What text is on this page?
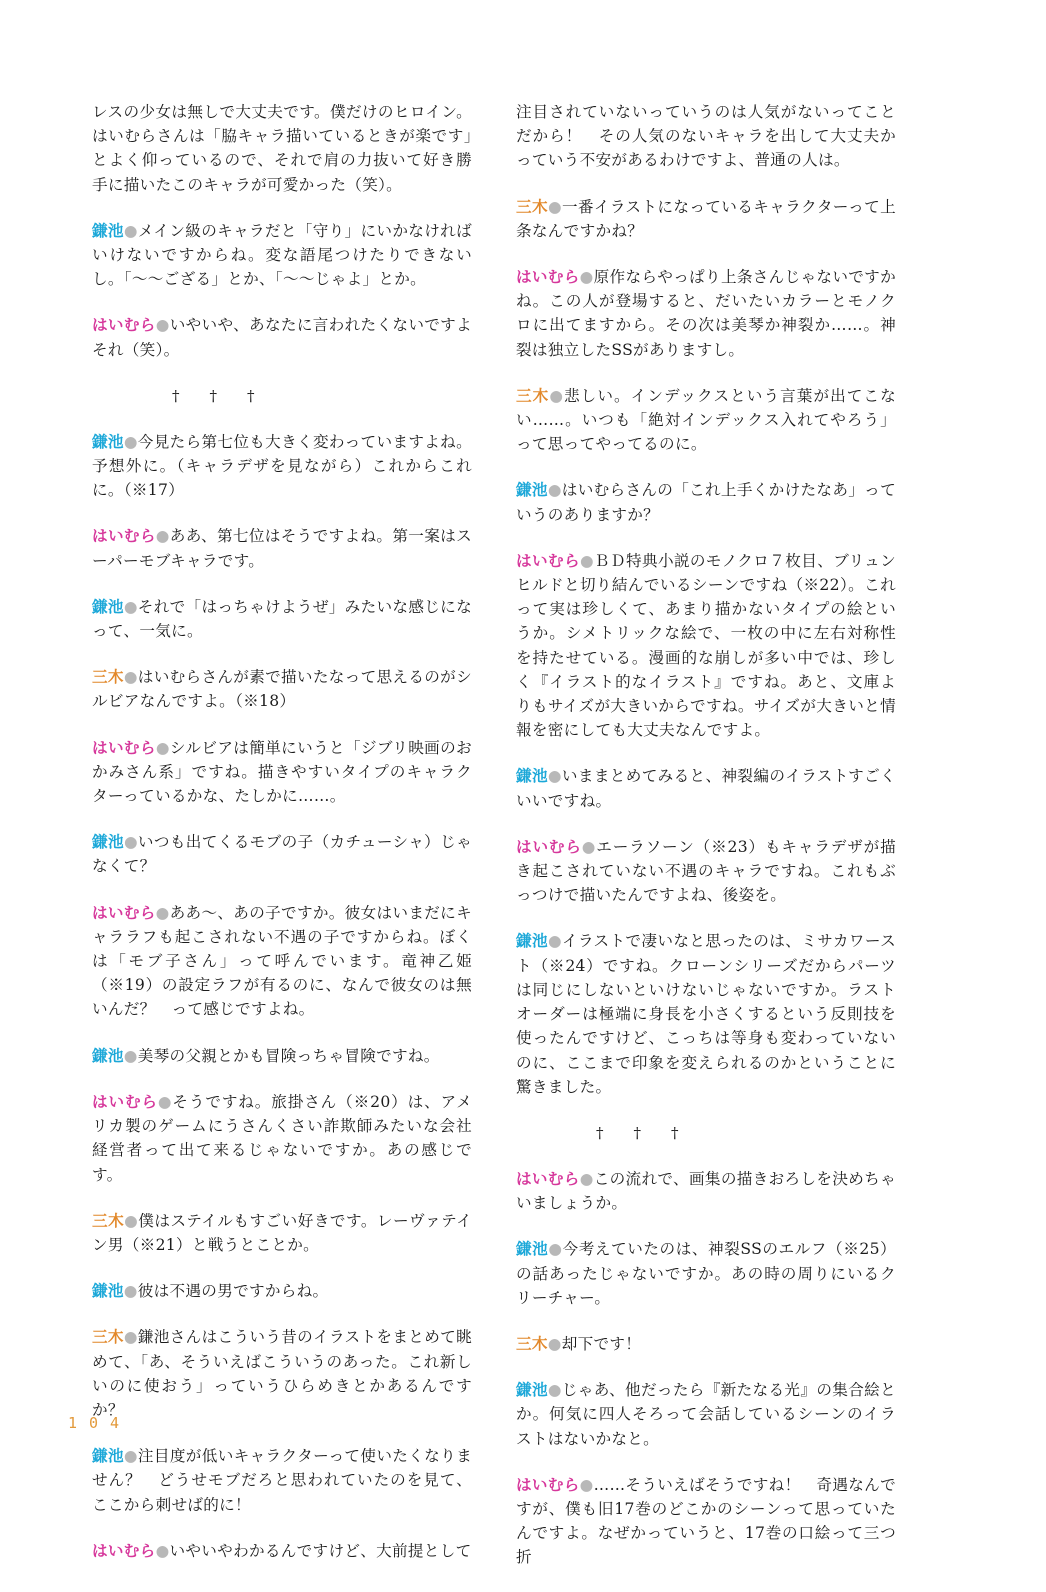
レスの少女は無しで大丈夫です。僕だけのヒロイン。はいむらさんは「脇キャラ描いているときが楽です」とよく仰っているので、それで肩の力抜いて好き勝手に描いたこのキャラが可愛かった（笑）。

鎌池●メイン級のキャラだと「守り」にいかなければいけないですからね。変な語尾つけたりできないし。「～～ござる」とか、「～～じゃよ」とか。

はいむら●いやいや、あなたに言われたくないですよそれ（笑）。

† † †

鎌池●今見たら第七位も大きく変わっていますよね。予想外に。（キャラデザを見ながら）これからこれに。（※17）

はいむら●ああ、第七位はそうですよね。第一案はスーパーモブキャラです。

鎌池●それで「はっちゃけようぜ」みたいな感じになって、一気に。

三木●はいむらさんが素で描いたなって思えるのがシルビアなんですよ。（※18）

はいむら●シルビアは簡単にいうと「ジブリ映画のおかみさん系」ですね。描きやすいタイプのキャラクターっているかな、たしかに……。

鎌池●いつも出てくるモブの子（カチューシャ）じゃなくて？

はいむら●ああ～、あの子ですか。彼女はいまだにキャララフも起こされない不遇の子ですからね。ぼくは「モブ子さん」って呼んでいます。竜神乙姫（※19）の設定ラフが有るのに、なんで彼女のは無いんだ？　って感じですよね。

鎌池●美琴の父親とかも冒険っちゃ冒険ですね。

はいむら●そうですね。旅掛さん（※20）は、アメリカ製のゲームにうさんくさい詐欺師みたいな会社経営者って出て来るじゃないですか。あの感じです。

三木●僕はステイルもすごい好きです。レーヴァテイン男（※21）と戦うとことか。

鎌池●彼は不遇の男ですからね。

三木●鎌池さんはこういう昔のイラストをまとめて眺めて、「あ、そういえばこういうのあった。これ新しいのに使おう」っていうひらめきとかあるんですか？

鎌池●注目度が低いキャラクターって使いたくなりません？　どうせモブだろと思われていたのを見て、ここから刺せば的に！

はいむら●いやいやわかるんですけど、大前提として

注目されていないっていうのは人気がないってことだから！　その人気のないキャラを出して大丈夫かっていう不安があるわけですよ、普通の人は。

三木●一番イラストになっているキャラクターって上条なんですかね？

はいむら●原作ならやっぱり上条さんじゃないですかね。この人が登場すると、だいたいカラーとモノクロに出てますから。その次は美琴か神裂か……。神裂は独立したSSがありますし。

三木●悲しい。インデックスという言葉が出てこない……。いつも「絶対インデックス入れてやろう」って思ってやってるのに。

鎌池●はいむらさんの「これ上手くかけたなあ」っていうのありますか？

はいむら●ＢＤ特典小説のモノクロ７枚目、ブリュンヒルドと切り結んでいるシーンですね（※22）。これって実は珍しくて、あまり描かないタイプの絵というか。シメトリックな絵で、一枚の中に左右対称性を持たせている。漫画的な崩しが多い中では、珍しく『イラスト的なイラスト』ですね。あと、文庫よりもサイズが大きいからですね。サイズが大きいと情報を密にしても大丈夫なんですよ。

鎌池●いままとめてみると、神裂編のイラストすごくいいですね。

はいむら●エーラソーン（※23）もキャラデザが描き起こされていない不遇のキャラですね。これもぶっつけで描いたんですよね、後姿を。

鎌池●イラストで凄いなと思ったのは、ミサカワースト（※24）ですね。クローンシリーズだからパーツは同じにしないといけないじゃないですか。ラストオーダーは極端に身長を小さくするという反則技を使ったんですけど、こっちは等身も変わっていないのに、ここまで印象を変えられるのかということに驚きました。

† † †

はいむら●この流れで、画集の描きおろしを決めちゃいましょうか。

鎌池●今考えていたのは、神裂SSのエルフ（※25）の話あったじゃないですか。あの時の周りにいるクリーチャー。

三木●却下です！

鎌池●じゃあ、他だったら『新たなる光』の集合絵とか。何気に四人そろって会話しているシーンのイラストはないかなと。

はいむら●……そういえばそうですね！　奇遇なんですが、僕も旧17巻のどこかのシーンって思っていたんですよ。なぜかっていうと、17巻の口絵って三つ折

104
